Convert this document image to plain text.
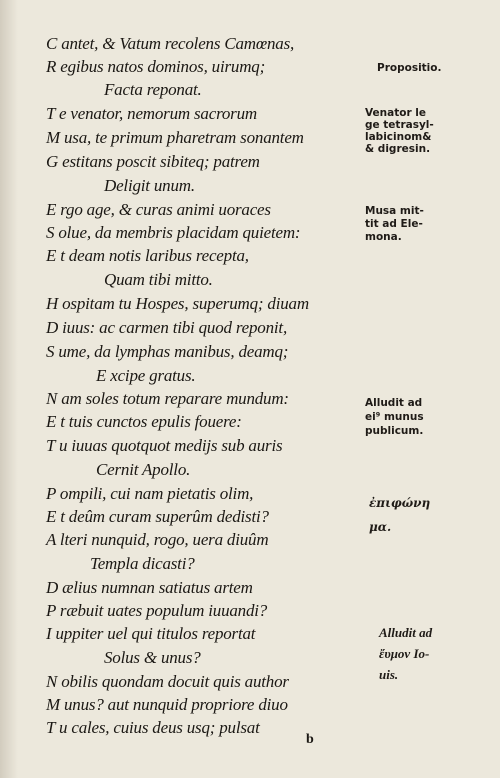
C antet, & Vatum recolens Camœnas,
R egibus natos dominos, uirumq;
Facta reponat.
T e venator, nemorum sacrorum
M usa, te primum pharetram sonantem
G estitans poscit sibiteq; patrem
Deligit unum.
E rgo age, & curas animi uoraces
S olue, da membris placidam quietem:
E t deam notis laribus recepta,
Quam tibi mitto.
H ospitam tu Hospes, superumq; diuam
D iuus: ac carmen tibi quod reponit,
S ume, da lymphas manibus, deamq;
E xcipe gratus.
N am soles totum reparare mundum:
E t tuis cunctos epulis fouere:
T u iuuas quotquot medijs sub auris
Cernit Apollo.
P ompili, cui nam pietatis olim,
E t deûm curam superûm dedisti?
A lteri nunquid, rogo, uera diuûm
Templa dicasti?
D ælius numnan satiatus artem
P ræbuit uates populum iuuandi?
I uppiter uel qui titulos reportat
Solus & unus?
N obilis quondam docuit quis author
M unus? aut nunquid propriore diuo
T u cales, cuius deus usq; pulsat
Propositio.
Venator le
ge tetrasyl-
labicinom&
& digresin.
Musa mit-
tit ad Ele-
mona.
Alludit ad
ei⁹ munus
publicum.
ἐπιφώνη
μα.
Alludit ad
ἔυμον Io-
uis.
b
